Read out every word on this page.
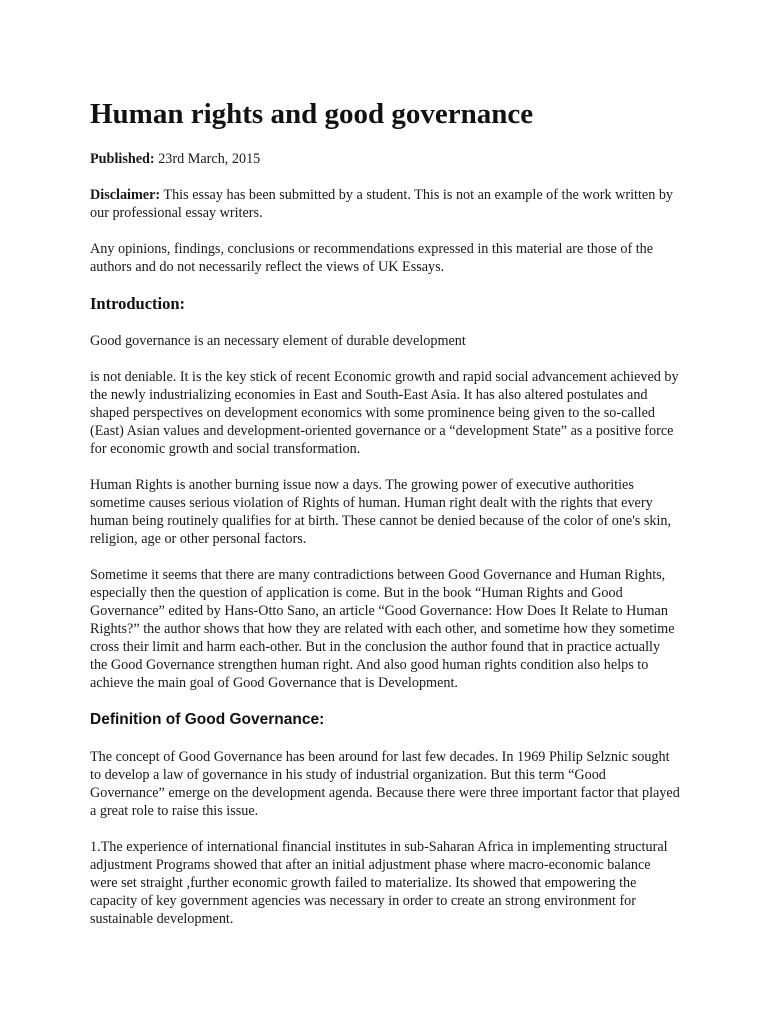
Human rights and good governance

Published: 23rd March, 2015

Disclaimer: This essay has been submitted by a student. This is not an example of the work written by our professional essay writers.

Any opinions, findings, conclusions or recommendations expressed in this material are those of the authors and do not necessarily reflect the views of UK Essays.

Introduction:

Good governance is an necessary element of durable development

is not deniable. It is the key stick of recent Economic growth and rapid social advancement achieved by the newly industrializing economies in East and South-East Asia. It has also altered postulates and shaped perspectives on development economics with some prominence being given to the so-called (East) Asian values and development-oriented governance or a “development State” as a positive force for economic growth and social transformation.

Human Rights is another burning issue now a days. The growing power of executive authorities sometime causes serious violation of Rights of human. Human right dealt with the rights that every human being routinely qualifies for at birth. These cannot be denied because of the color of one's skin, religion, age or other personal factors.

Sometime it seems that there are many contradictions between Good Governance and Human Rights, especially then the question of application is come. But in the book “Human Rights and Good Governance” edited by Hans-Otto Sano, an article “Good Governance: How Does It Relate to Human Rights?” the author shows that how they are related with each other, and sometime how they sometime cross their limit and harm each-other. But in the conclusion the author found that in practice actually the Good Governance strengthen human right. And also good human rights condition also helps to achieve the main goal of Good Governance that is Development.

Definition of Good Governance:

The concept of Good Governance has been around for last few decades. In 1969 Philip Selznic sought to develop a law of governance in his study of industrial organization. But this term “Good Governance” emerge on the development agenda. Because there were three important factor that played a great role to raise this issue.

1.The experience of international financial institutes in sub-Saharan Africa in implementing structural adjustment Programs showed that after an initial adjustment phase where macro-economic balance were set straight ,further economic growth failed to materialize. Its showed that empowering the capacity of key government agencies was necessary in order to create an strong environment for sustainable development.
